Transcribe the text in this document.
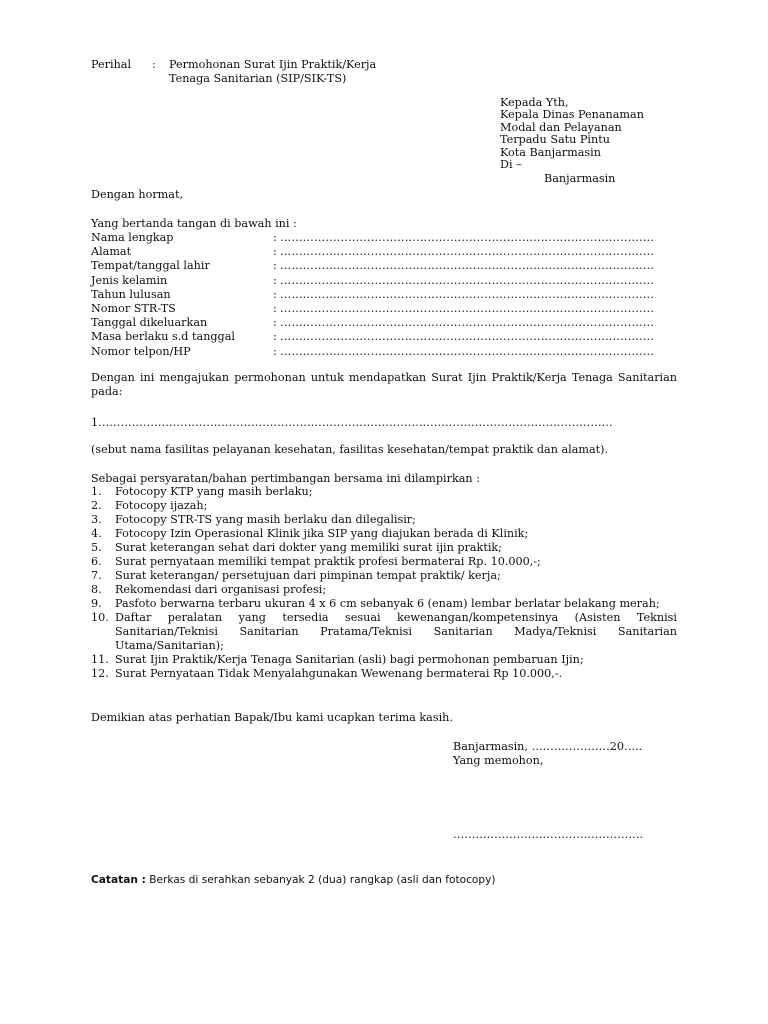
Perihal : Permohonan Surat Ijin Praktik/Kerja
Tenaga Sanitarian (SIP/SIK-TS)
Kepada Yth,
Kepala Dinas Penanaman
Modal dan Pelayanan
Terpadu Satu Pintu
Kota Banjarmasin
Di –
Banjarmasin
Dengan hormat,
Yang bertanda tangan di bawah ini :
Nama lengkap	: ………………………………………………………………………………………
Alamat	: ………………………………………………………………………………………
Tempat/tanggal lahir	: ………………………………………………………………………………………
Jenis kelamin	: ………………………………………………………………………………………
Tahun lulusan	: ………………………………………………………………………………………
Nomor STR-TS	: ………………………………………………………………………………………
Tanggal dikeluarkan	: ………………………………………………………………………………………
Masa berlaku s.d tanggal	: ………………………………………………………………………………………
Nomor telpon/HP	: ………………………………………………………………………………………
Dengan ini mengajukan permohonan untuk mendapatkan Surat Ijin Praktik/Kerja Tenaga Sanitarian pada:
1…………………………………………………………………………………………………………………………
(sebut nama fasilitas pelayanan kesehatan, fasilitas kesehatan/tempat praktik dan alamat).
Sebagai persyaratan/bahan pertimbangan bersama ini dilampirkan :

1. Fotocopy KTP yang masih berlaku;

2. Fotocopy ijazah;

3. Fotocopy STR-TS yang masih berlaku dan dilegalisir;

4. Fotocopy Izin Operasional Klinik jika SIP yang diajukan berada di Klinik;

5. Surat keterangan sehat dari dokter yang memiliki surat ijin praktik;

6. Surat pernyataan memiliki tempat praktik profesi bermaterai Rp. 10.000,-;

7. Surat keterangan/ persetujuan dari pimpinan tempat praktik/ kerja;

8. Rekomendasi dari organisasi profesi;

9. Pasfoto berwarna terbaru ukuran 4 x 6 cm sebanyak 6 (enam) lembar berlatar belakang merah;

10. Daftar peralatan yang tersedia sesuai kewenangan/kompetensinya (Asisten Teknisi Sanitarian/Teknisi Sanitarian Pratama/Teknisi Sanitarian Madya/Teknisi Sanitarian Utama/Sanitarian);

11. Surat Ijin Praktik/Kerja Tenaga Sanitarian (asli) bagi permohonan pembaruan Ijin;

12. Surat Pernyataan Tidak Menyalahgunakan Wewenang bermaterai Rp 10.000,-.

Demikian atas perhatian Bapak/Ibu kami ucapkan terima kasih.
Banjarmasin, …………………20…..
Yang memohon,
……………………………………………
Catatan : Berkas di serahkan sebanyak 2 (dua) rangkap (asli dan fotocopy)
